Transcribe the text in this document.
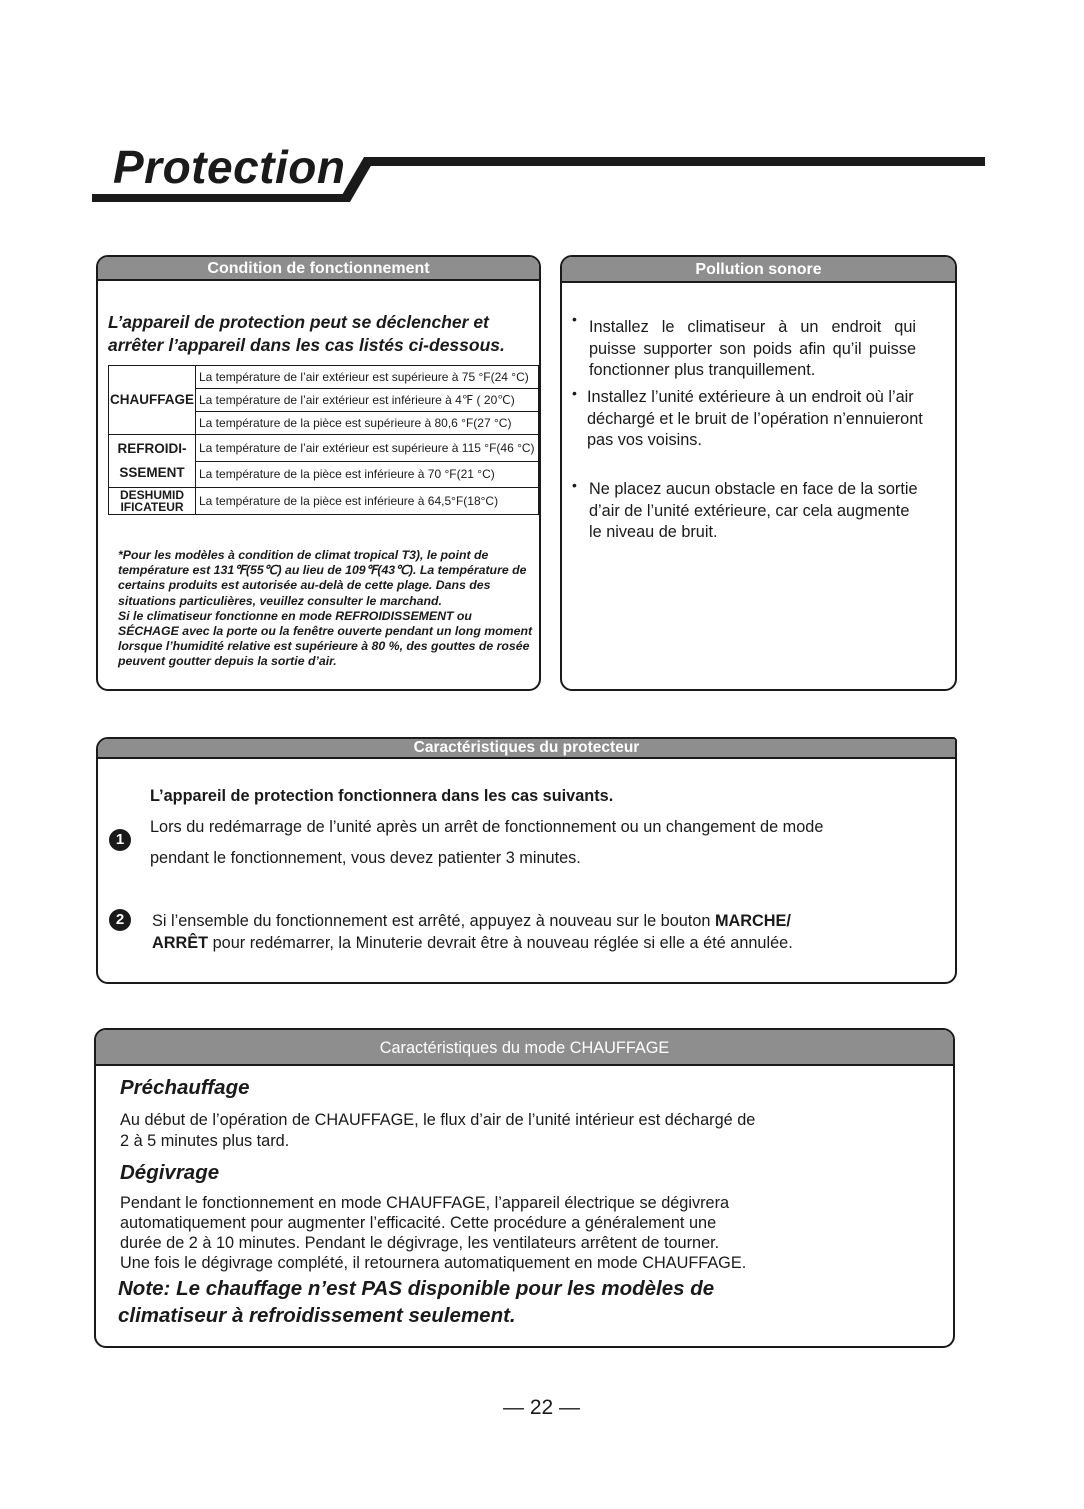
Protection
Condition de fonctionnement
L’appareil de protection peut se déclencher et arrêter l’appareil dans les cas listés ci-dessous.
CHAUFFAGE	La température de l’air extérieur est supérieure à 75 °F(24 °C)
	La température de l’air extérieur est inférieure à 4℉ ( 20℃)
	La température de la pièce est supérieure à 80,6 °F(27 °C)
REFROIDI-
SSEMENT	La température de l’air extérieur est supérieure à 115 °F(46 °C)
	La température de la pièce est inférieure à 70 °F(21 °C)
DESHUMID
IFICATEUR	La température de la pièce est inférieure à 64,5°F(18°C)
*Pour les modèles à condition de climat tropical T3), le point de température est 131℉(55℃) au lieu de 109℉(43℃). La température de certains produits est autorisée au-delà de cette plage. Dans des situations particulières, veuillez consulter le marchand.
Si le climatiseur fonctionne en mode REFROIDISSEMENT ou SÉCHAGE avec la porte ou la fenêtre ouverte pendant un long moment lorsque l’humidité relative est supérieure à 80 %, des gouttes de rosée peuvent goutter depuis la sortie d’air.
Pollution sonore
• Installez le climatiseur à un endroit qui puisse supporter son poids afin qu’il puisse fonctionner plus tranquillement.
• Installez l’unité extérieure à un endroit où l’air déchargé et le bruit de l’opération n’ennuieront pas vos voisins.
• Ne placez aucun obstacle en face de la sortie d’air de l’unité extérieure, car cela augmente le niveau de bruit.
Caractéristiques du protecteur
L’appareil de protection fonctionnera dans les cas suivants.
1
Lors du redémarrage de l’unité après un arrêt de fonctionnement ou un changement de mode
pendant le fonctionnement, vous devez patienter 3 minutes.
2	Si l’ensemble du fonctionnement est arrêté, appuyez à nouveau sur le bouton MARCHE/
ARRÊT pour redémarrer, la Minuterie devrait être à nouveau réglée si elle a été annulée.
Caractéristiques du mode CHAUFFAGE
Préchauffage
Au début de l’opération de CHAUFFAGE, le flux d’air de l’unité intérieur est déchargé de
2 à 5 minutes plus tard.
Dégivrage
Pendant le fonctionnement en mode CHAUFFAGE, l’appareil électrique se dégivrera
automatiquement pour augmenter l’efficacité. Cette procédure a généralement une
durée de 2 à 10 minutes. Pendant le dégivrage, les ventilateurs arrêtent de tourner.
Une fois le dégivrage complété, il retournera automatiquement en mode CHAUFFAGE.
Note: Le chauffage n’est PAS disponible pour les modèles de
climatiseur à refroidissement seulement.
— 22 —
